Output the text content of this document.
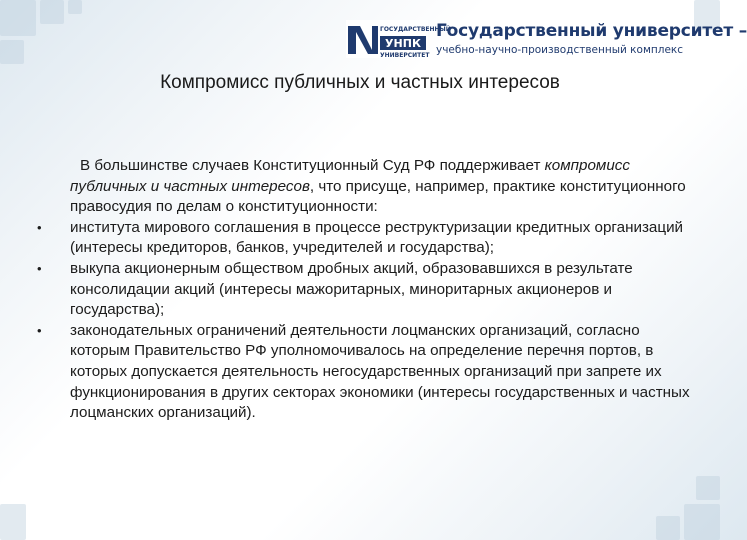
УНПК
ГОСУДАРСТВЕННЫЙ
УНИВЕРСИТЕТ
Государственный университет –
учебно-научно-производственный комплекс
Компромисс публичных и частных интересов

В большинстве случаев Конституционный Суд РФ поддерживает компромисс публичных и частных интересов, что присуще, например, практике конституционного правосудия по делам о конституционности:

• института мирового соглашения в процессе реструктуризации кредитных организаций (интересы кредиторов, банков, учредителей и государства);
• выкупа акционерным обществом дробных акций, образовавшихся в результате консолидации акций (интересы мажоритарных, миноритарных акционеров и государства);
• законодательных ограничений деятельности лоцманских организаций, согласно которым Правительство РФ уполномочивалось на определение перечня портов, в которых допускается деятельность негосударственных организаций при запрете их функционирования в других секторах экономики (интересы государственных и частных лоцманских организаций).
